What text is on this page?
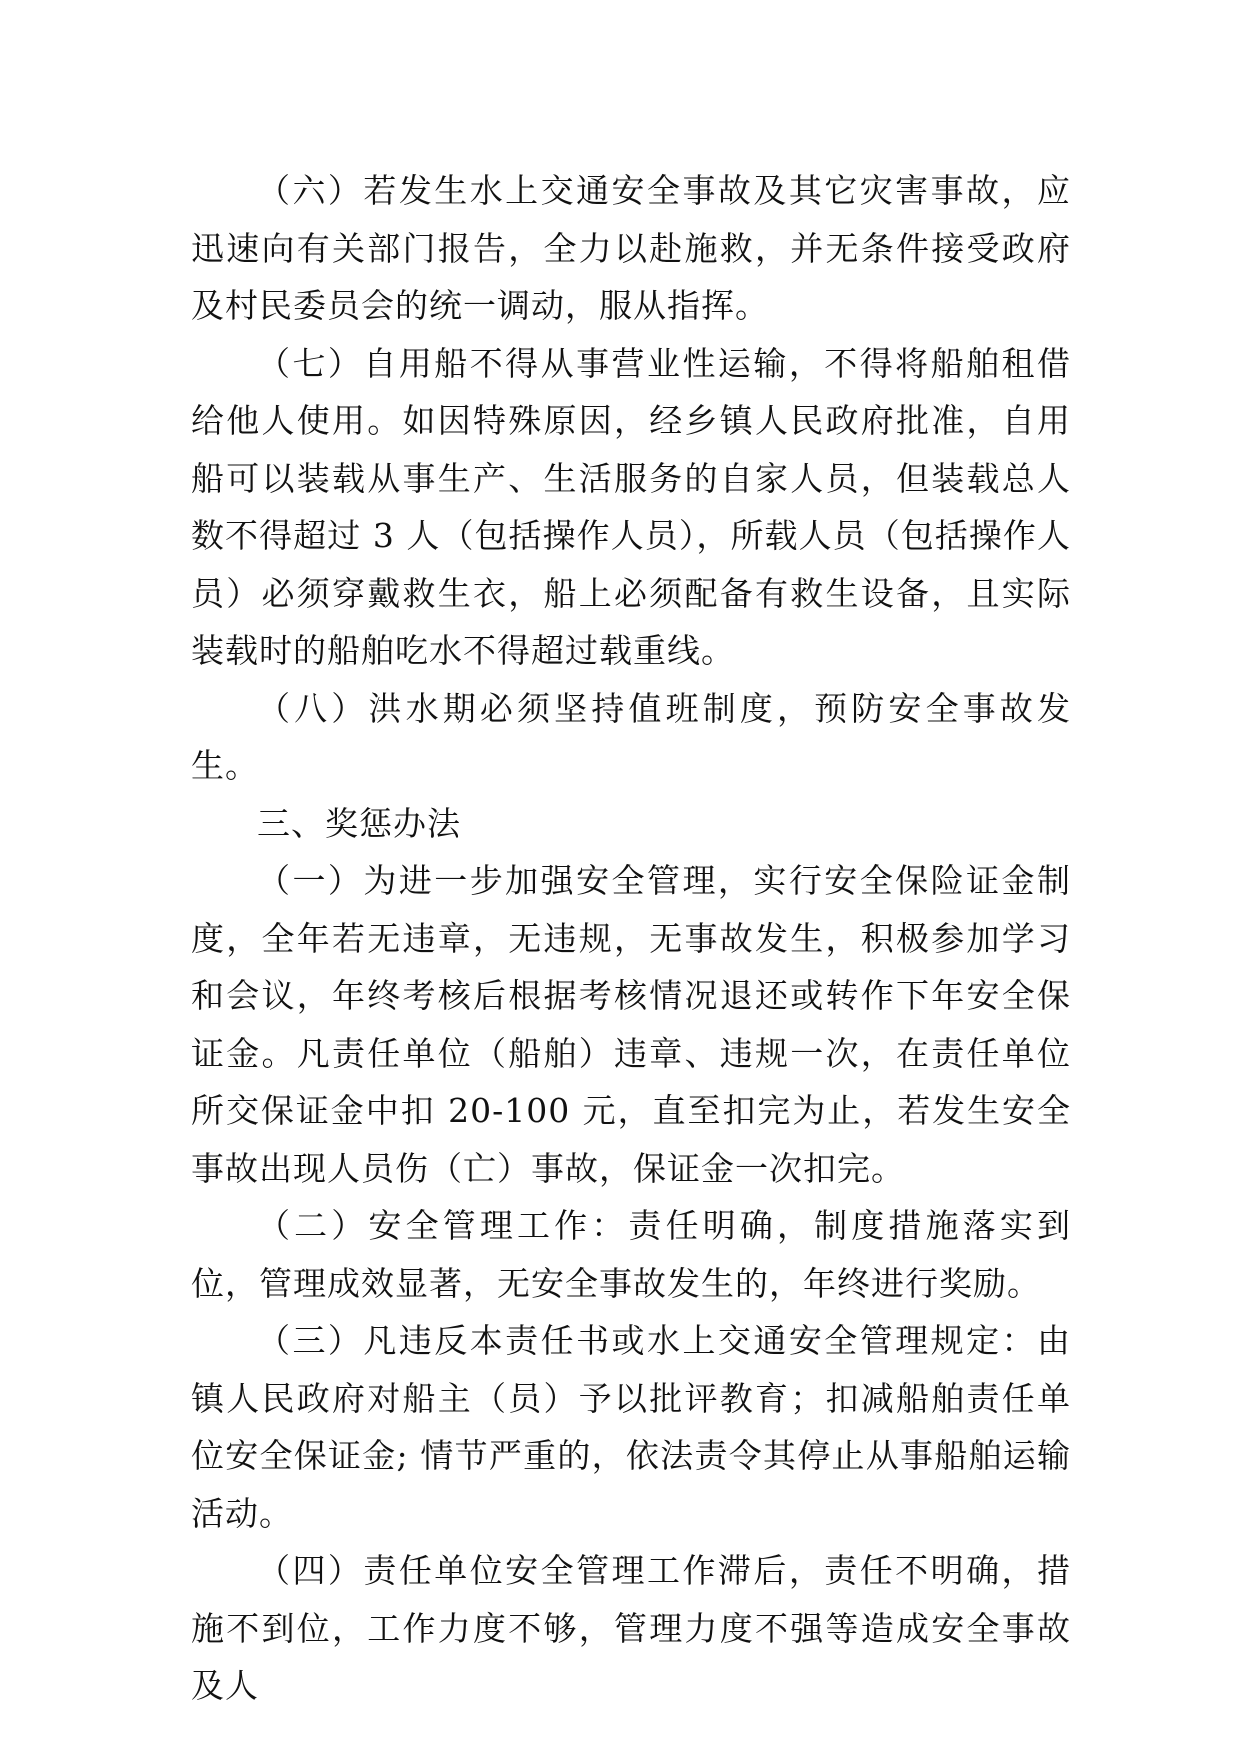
（六）若发生水上交通安全事故及其它灾害事故，应迅速向有关部门报告，全力以赴施救，并无条件接受政府及村民委员会的统一调动，服从指挥。

（七）自用船不得从事营业性运输，不得将船舶租借给他人使用。如因特殊原因，经乡镇人民政府批准，自用船可以装载从事生产、生活服务的自家人员，但装载总人数不得超过 3 人（包括操作人员），所载人员（包括操作人员）必须穿戴救生衣，船上必须配备有救生设备，且实际装载时的船舶吃水不得超过载重线。

（八）洪水期必须坚持值班制度，预防安全事故发生。

三、奖惩办法

（一）为进一步加强安全管理，实行安全保险证金制度，全年若无违章，无违规，无事故发生，积极参加学习和会议，年终考核后根据考核情况退还或转作下年安全保证金。凡责任单位（船舶）违章、违规一次，在责任单位所交保证金中扣 20-100 元，直至扣完为止，若发生安全事故出现人员伤（亡）事故，保证金一次扣完。

（二）安全管理工作：责任明确，制度措施落实到位，管理成效显著，无安全事故发生的，年终进行奖励。

（三）凡违反本责任书或水上交通安全管理规定：由镇人民政府对船主（员）予以批评教育；扣减船舶责任单位安全保证金; 情节严重的，依法责令其停止从事船舶运输活动。

（四）责任单位安全管理工作滞后，责任不明确，措施不到位，工作力度不够，管理力度不强等造成安全事故及人
